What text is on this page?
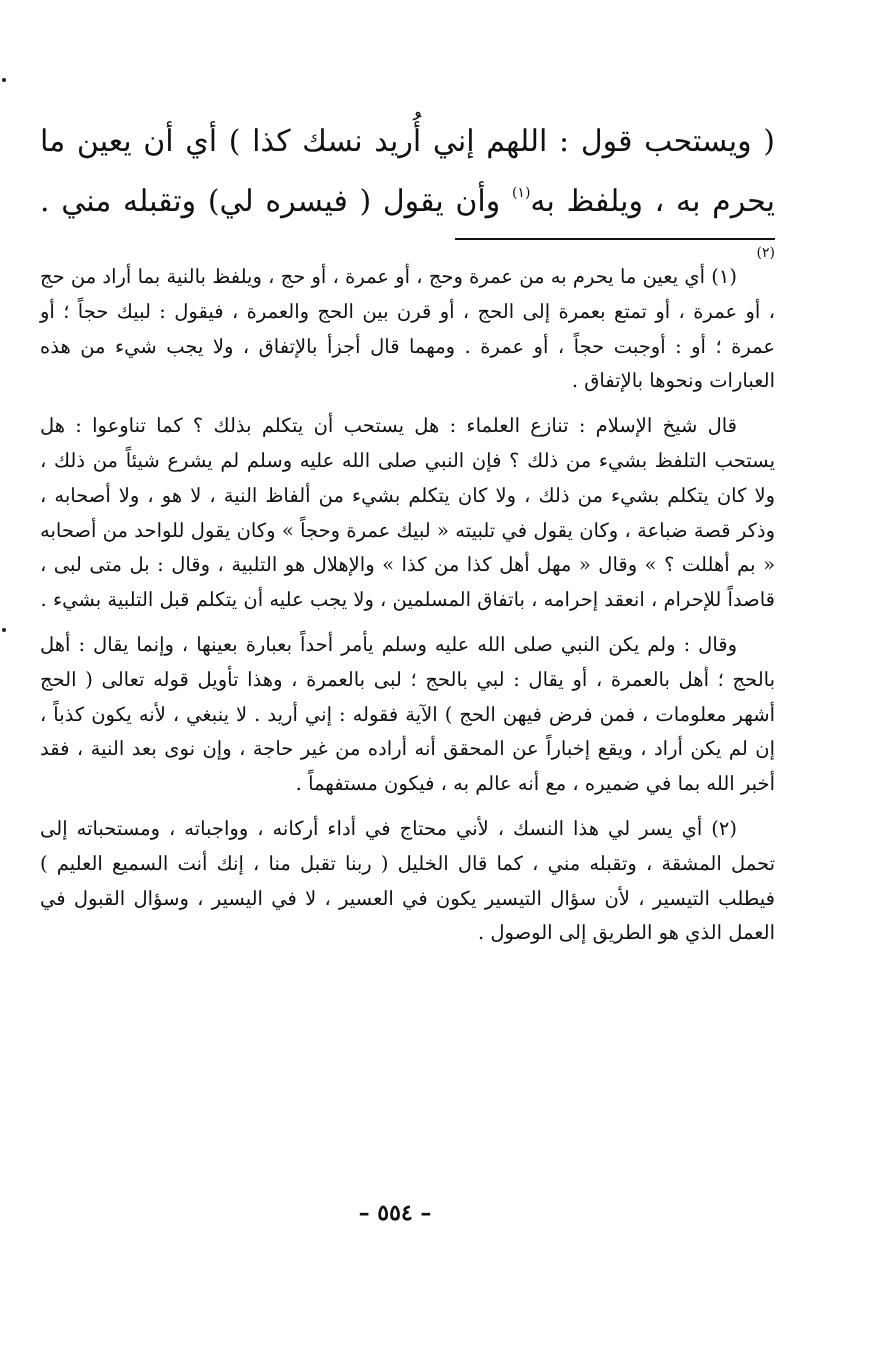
( ويستحب قول : اللهم إني أُريد نسك كذا ) أي أن يعين ما يحرم به ، ويلفظ به$^{(١)}$ وأن يقول ( فيسره لي) وتقبله مني . $^{(٢)}$

(١) أي يعين ما يحرم به من عمرة وحج ، أو عمرة ، أو حج ، ويلفظ بالنية بما أراد من حج ، أو عمرة ، أو تمتع بعمرة إلى الحج ، أو قرن بين الحج والعمرة ، فيقول : لبيك حجاً ؛ أو عمرة ؛ أو : أوجبت حجاً ، أو عمرة . ومهما قال أجزأ بالإتفاق ، ولا يجب شيء من هذه العبارات ونحوها بالإتفاق .

قال شيخ الإسلام : تنازع العلماء : هل يستحب أن يتكلم بذلك ؟ كما تناوعوا : هل يستحب التلفظ بشيء من ذلك ؟ فإن النبي صلى الله عليه وسلم لم يشرع شيئاً من ذلك ، ولا كان يتكلم بشيء من ذلك ، ولا كان يتكلم بشيء من ألفاظ النية ، لا هو ، ولا أصحابه ، وذكر قصة ضباعة ، وكان يقول في تلبيته « لبيك عمرة وحجاً » وكان يقول للواحد من أصحابه « بم أهللت ؟ » وقال « مهل أهل كذا من كذا » والإهلال هو التلبية ، وقال : بل متى لبى ، قاصداً للإحرام ، انعقد إحرامه ، باتفاق المسلمين ، ولا يجب عليه أن يتكلم قبل التلبية بشيء .

وقال : ولم يكن النبي صلى الله عليه وسلم يأمر أحداً بعبارة بعينها ، وإنما يقال : أهل بالحج ؛ أهل بالعمرة ، أو يقال : لبي بالحج ؛ لبى بالعمرة ، وهذا تأويل قوله تعالى ( الحج أشهر معلومات ، فمن فرض فيهن الحج ) الآية فقوله : إني أريد . لا ينبغي ، لأنه يكون كذباً ، إن لم يكن أراد ، ويقع إخباراً عن المحقق أنه أراده من غير حاجة ، وإن نوى بعد النية ، فقد أخبر الله بما في ضميره ، مع أنه عالم به ، فيكون مستفهماً .

(٢) أي يسر لي هذا النسك ، لأني محتاج في أداء أركانه ، وواجباته ، ومستحباته إلى تحمل المشقة ، وتقبله مني ، كما قال الخليل ( ربنا تقبل منا ، إنك أنت السميع العليم ) فيطلب التيسير ، لأن سؤال التيسير يكون في العسير ، لا في اليسير ، وسؤال القبول في العمل الذي هو الطريق إلى الوصول .

– ٥٥٤ –
